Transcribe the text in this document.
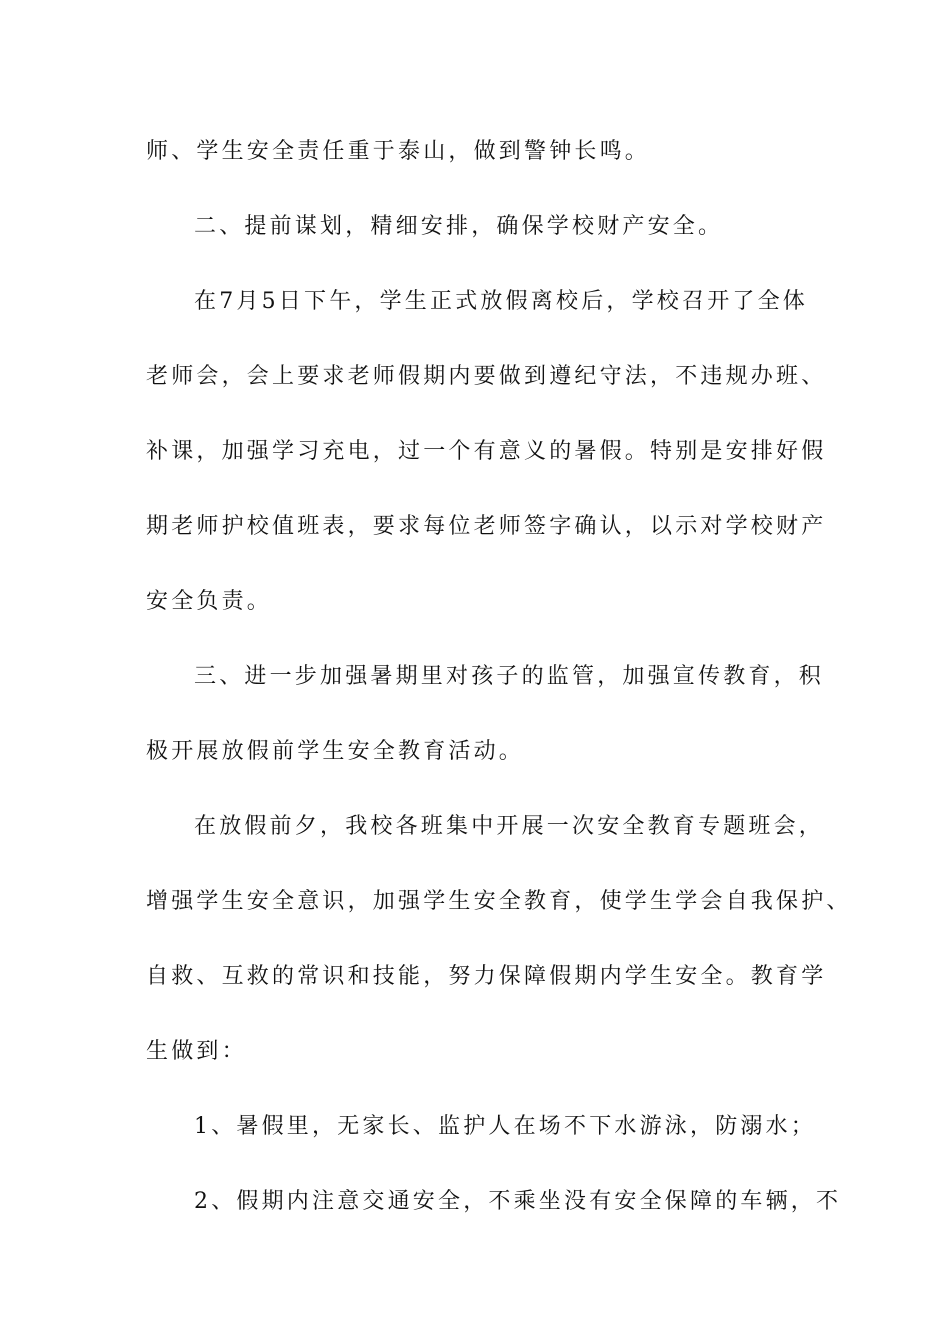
师、学生安全责任重于泰山，做到警钟长鸣。
二、提前谋划，精细安排，确保学校财产安全。
在7月5日下午，学生正式放假离校后，学校召开了全体
老师会，会上要求老师假期内要做到遵纪守法，不违规办班、
补课，加强学习充电，过一个有意义的暑假。特别是安排好假
期老师护校值班表，要求每位老师签字确认，以示对学校财产
安全负责。
三、进一步加强暑期里对孩子的监管，加强宣传教育，积
极开展放假前学生安全教育活动。
在放假前夕，我校各班集中开展一次安全教育专题班会，
增强学生安全意识，加强学生安全教育，使学生学会自我保护、
自救、互救的常识和技能，努力保障假期内学生安全。教育学
生做到：
1、暑假里，无家长、监护人在场不下水游泳，防溺水；
2、假期内注意交通安全，不乘坐没有安全保障的车辆，不
